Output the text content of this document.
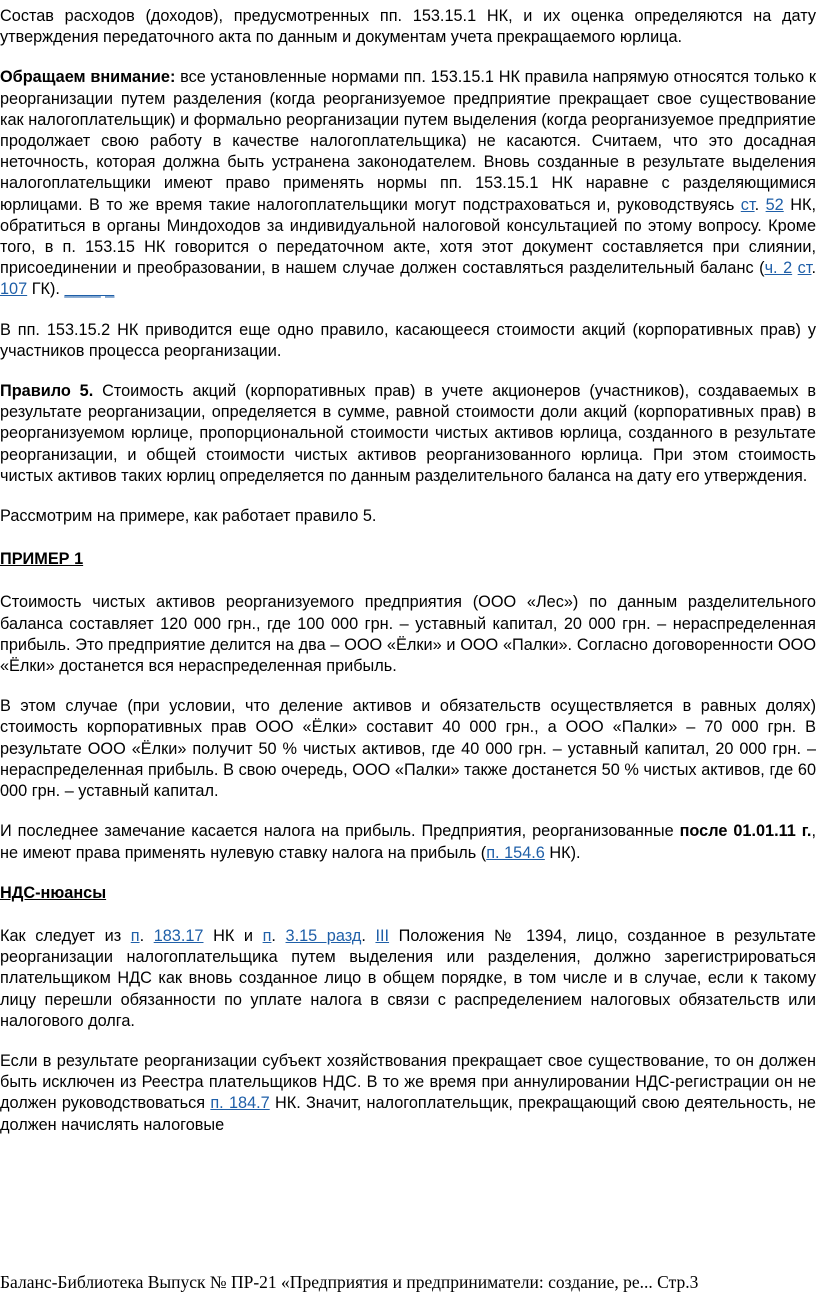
Состав расходов (доходов), предусмотренных пп. 153.15.1 НК, и их оценка определяются на дату утверждения передаточного акта по данным и документам учета прекращаемого юрлица.

Обращаем внимание: все установленные нормами пп. 153.15.1 НК правила напрямую относятся только к реорганизации путем разделения (когда реорганизуемое предприятие прекращает свое существование как налогоплательщик) и формально реорганизации путем выделения (когда реорганизуемое предприятие продолжает свою работу в качестве налогоплательщика) не касаются. Считаем, что это досадная неточность, которая должна быть устранена законодателем. Вновь созданные в результате выделения налогоплательщики имеют право применять нормы пп. 153.15.1 НК наравне с разделяющимися юрлицами. В то же время такие налогоплательщики могут подстраховаться и, руководствуясь ст. 52 НК, обратиться в органы Миндоходов за индивидуальной налоговой консультацией по этому вопросу. Кроме того, в п. 153.15 НК говорится о передаточном акте, хотя этот документ составляется при слиянии, присоединении и преобразовании, в нашем случае должен составляться разделительный баланс (ч. 2 ст. 107 ГК). ____ _

В пп. 153.15.2 НК приводится еще одно правило, касающееся стоимости акций (корпоративных прав) у участников процесса реорганизации.

Правило 5. Стоимость акций (корпоративных прав) в учете акционеров (участников), создаваемых в результате реорганизации, определяется в сумме, равной стоимости доли акций (корпоративных прав) в реорганизуемом юрлице, пропорциональной стоимости чистых активов юрлица, созданного в результате реорганизации, и общей стоимости чистых активов реорганизованного юрлица. При этом стоимость чистых активов таких юрлиц определяется по данным разделительного баланса на дату его утверждения.

Рассмотрим на примере, как работает правило 5.

ПРИМЕР 1

Стоимость чистых активов реорганизуемого предприятия (ООО «Лес») по данным разделительного баланса составляет 120 000 грн., где 100 000 грн. – уставный капитал, 20 000 грн. – нераспределенная прибыль. Это предприятие делится на два – ООО «Ёлки» и ООО «Палки». Согласно договоренности ООО «Ёлки» достанется вся нераспределенная прибыль.

В этом случае (при условии, что деление активов и обязательств осуществляется в равных долях) стоимость корпоративных прав ООО «Ёлки» составит 40 000 грн., а ООО «Палки» – 70 000 грн. В результате ООО «Ёлки» получит 50 % чистых активов, где 40 000 грн. – уставный капитал, 20 000 грн. – нераспределенная прибыль. В свою очередь, ООО «Палки» также достанется 50 % чистых активов, где 60 000 грн. – уставный капитал.

И последнее замечание касается налога на прибыль. Предприятия, реорганизованные после 01.01.11 г., не имеют права применять нулевую ставку налога на прибыль (п. 154.6 НК).

НДС-нюансы

Как следует из п. 183.17 НК и п. 3.15 разд. III Положения № 1394, лицо, созданное в результате реорганизации налогоплательщика путем выделения или разделения, должно зарегистрироваться плательщиком НДС как вновь созданное лицо в общем порядке, в том числе и в случае, если к такому лицу перешли обязанности по уплате налога в связи с распределением налоговых обязательств или налогового долга.

Если в результате реорганизации субъект хозяйствования прекращает свое существование, то он должен быть исключен из Реестра плательщиков НДС. В то же время при аннулировании НДС-регистрации он не должен руководствоваться п. 184.7 НК. Значит, налогоплательщик, прекращающий свою деятельность, не должен начислять налоговые

Баланс-Библиотека Выпуск № ПР-21 «Предприятия и предприниматели: создание, ре... Стр.3
